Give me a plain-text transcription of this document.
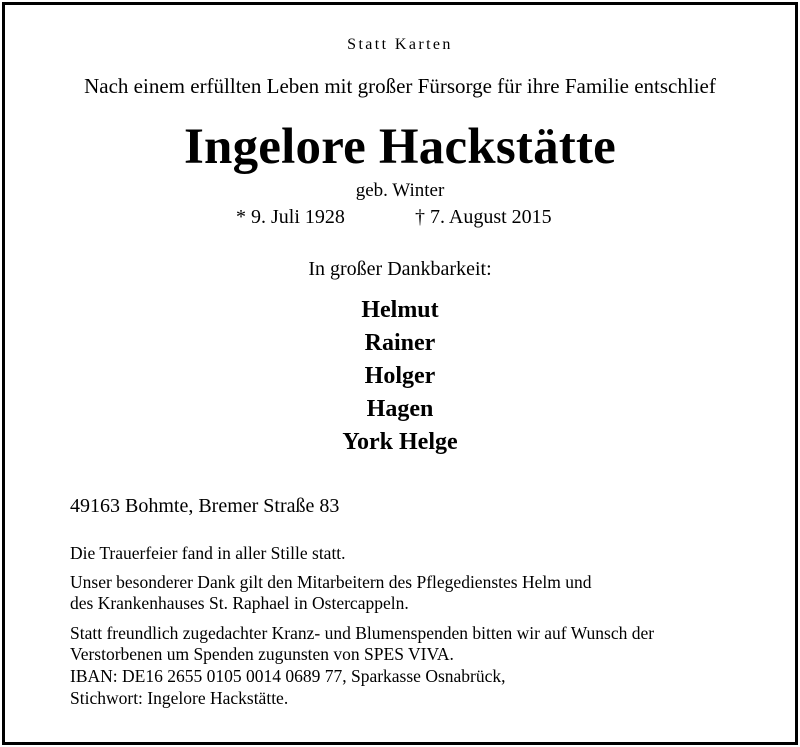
Statt Karten
Nach einem erfüllten Leben mit großer Fürsorge für ihre Familie entschlief
Ingelore Hackstätte
geb. Winter
* 9. Juli 1928	† 7. August 2015
In großer Dankbarkeit:
Helmut
Rainer
Holger
Hagen
York Helge
49163 Bohmte, Bremer Straße 83
Die Trauerfeier fand in aller Stille statt.
Unser besonderer Dank gilt den Mitarbeitern des Pflegedienstes Helm und
des Krankenhauses St. Raphael in Ostercappeln.
Statt freundlich zugedachter Kranz- und Blumenspenden bitten wir auf Wunsch der
Verstorbenen um Spenden zugunsten von SPES VIVA.
IBAN: DE16 2655 0105 0014 0689 77, Sparkasse Osnabrück,
Stichwort: Ingelore Hackstätte.
